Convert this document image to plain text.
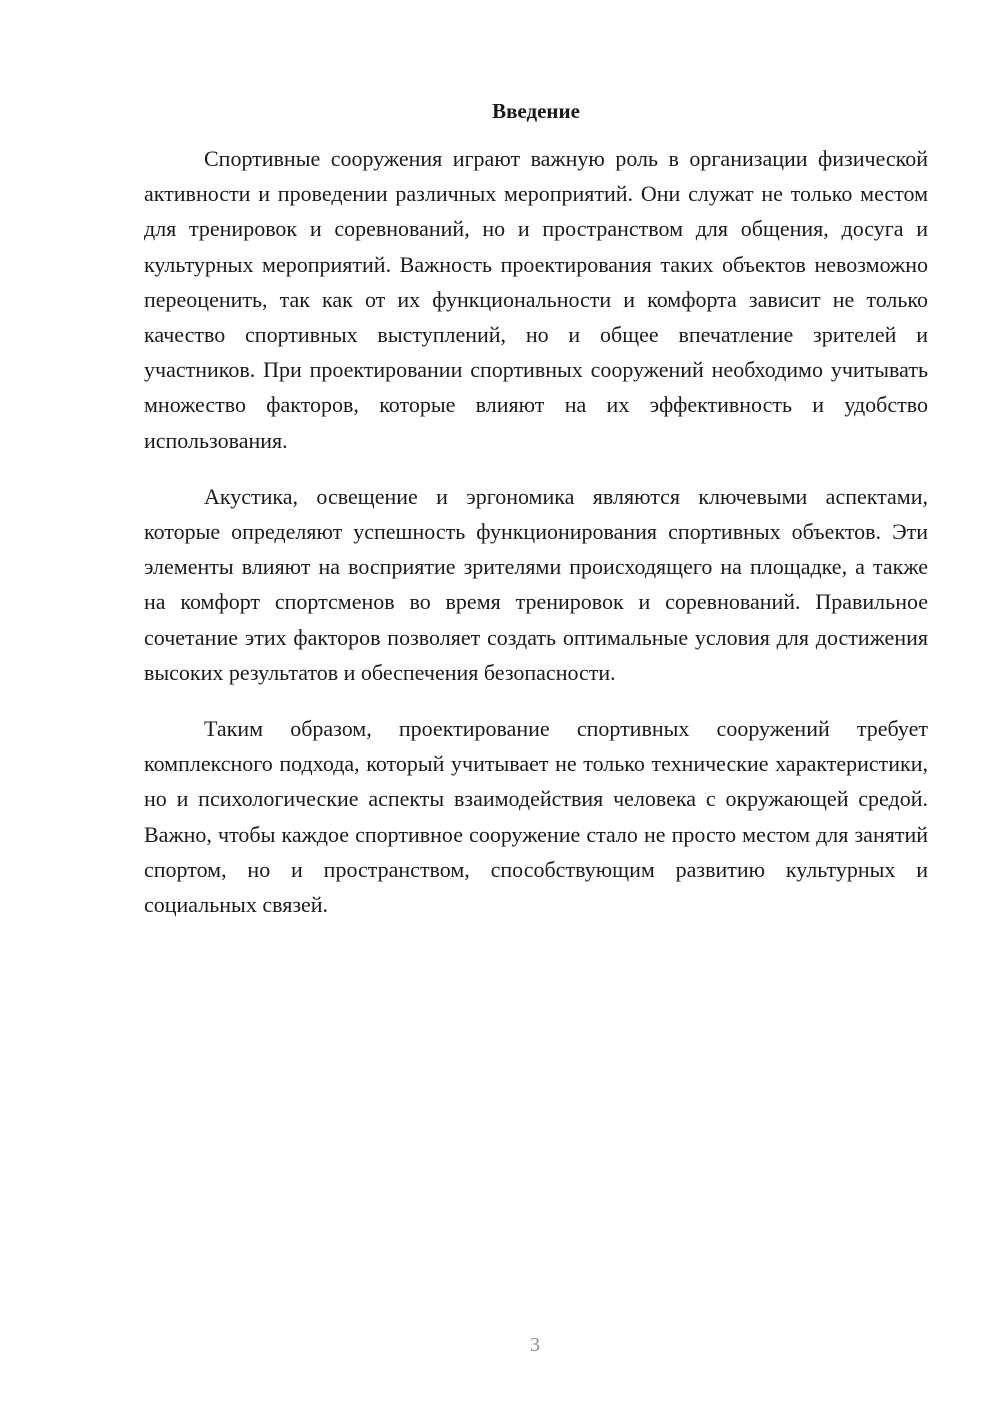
Введение

Спортивные сооружения играют важную роль в организации физической активности и проведении различных мероприятий. Они служат не только местом для тренировок и соревнований, но и пространством для общения, досуга и культурных мероприятий. Важность проектирования таких объектов невозможно переоценить, так как от их функциональности и комфорта зависит не только качество спортивных выступлений, но и общее впечатление зрителей и участников. При проектировании спортивных сооружений необходимо учитывать множество факторов, которые влияют на их эффективность и удобство использования.

Акустика, освещение и эргономика являются ключевыми аспектами, которые определяют успешность функционирования спортивных объектов. Эти элементы влияют на восприятие зрителями происходящего на площадке, а также на комфорт спортсменов во время тренировок и соревнований. Правильное сочетание этих факторов позволяет создать оптимальные условия для достижения высоких результатов и обеспечения безопасности.

Таким образом, проектирование спортивных сооружений требует комплексного подхода, который учитывает не только технические характеристики, но и психологические аспекты взаимодействия человека с окружающей средой. Важно, чтобы каждое спортивное сооружение стало не просто местом для занятий спортом, но и пространством, способствующим развитию культурных и социальных связей.

3
